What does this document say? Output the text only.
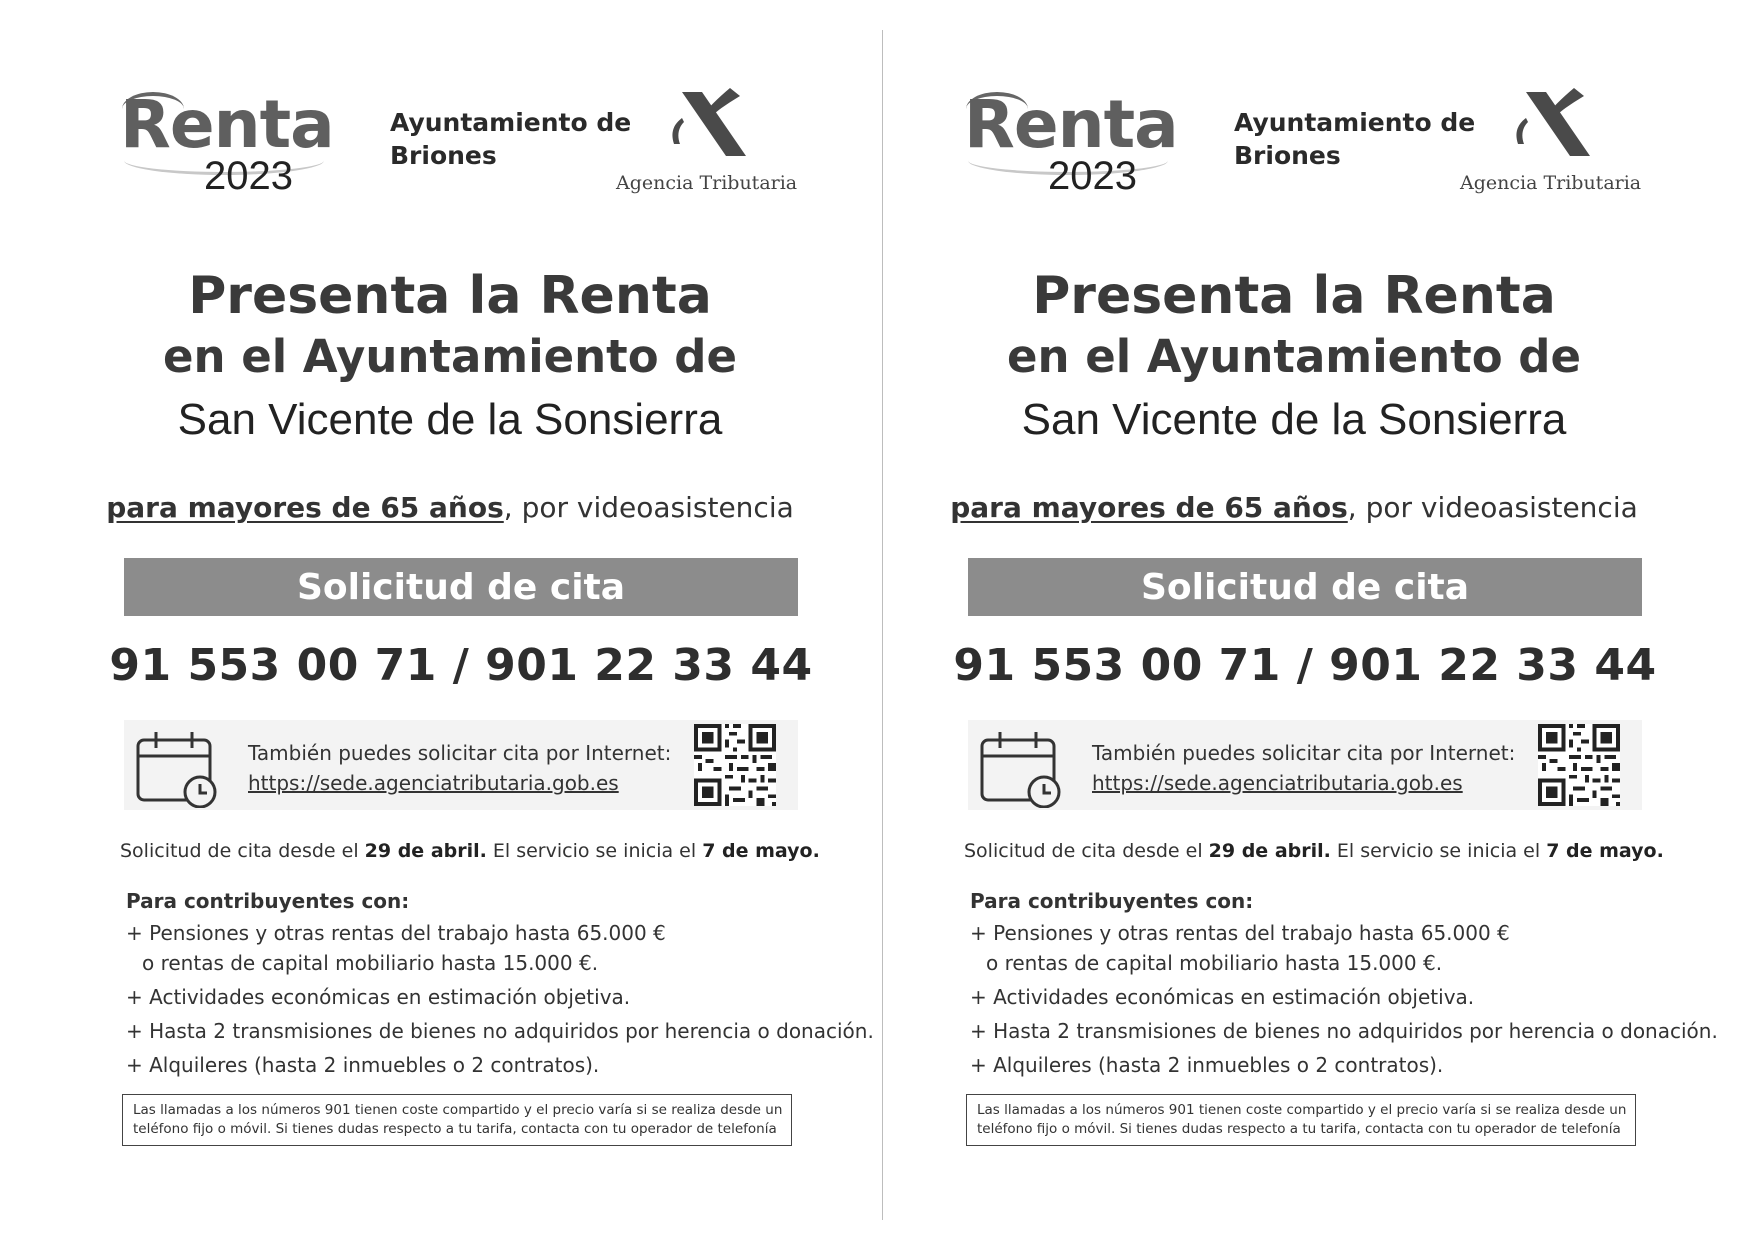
Renta
2023
Ayuntamiento de
Briones
Agencia Tributaria
Presenta la Renta
en el Ayuntamiento de
San Vicente de la Sonsierra
para mayores de 65 años, por videoasistencia
Solicitud de cita
91 553 00 71 / 901 22 33 44
También puedes solicitar cita por Internet:
https://sede.agenciatributaria.gob.es
Solicitud de cita desde el 29 de abril. El servicio se inicia el 7 de mayo.
Para contribuyentes con:
+ Pensiones y otras rentas del trabajo hasta 65.000 €
o rentas de capital mobiliario hasta 15.000 €.
+ Actividades económicas en estimación objetiva.
+ Hasta 2 transmisiones de bienes no adquiridos por herencia o donación.
+ Alquileres (hasta 2 inmuebles o 2 contratos).
Las llamadas a los números 901 tienen coste compartido y el precio varía si se realiza desde un
teléfono fijo o móvil. Si tienes dudas respecto a tu tarifa, contacta con tu operador de telefonía
Renta
2023
Ayuntamiento de
Briones
Agencia Tributaria
Presenta la Renta
en el Ayuntamiento de
San Vicente de la Sonsierra
para mayores de 65 años, por videoasistencia
Solicitud de cita
91 553 00 71 / 901 22 33 44
También puedes solicitar cita por Internet:
https://sede.agenciatributaria.gob.es
Solicitud de cita desde el 29 de abril. El servicio se inicia el 7 de mayo.
Para contribuyentes con:
+ Pensiones y otras rentas del trabajo hasta 65.000 €
o rentas de capital mobiliario hasta 15.000 €.
+ Actividades económicas en estimación objetiva.
+ Hasta 2 transmisiones de bienes no adquiridos por herencia o donación.
+ Alquileres (hasta 2 inmuebles o 2 contratos).
Las llamadas a los números 901 tienen coste compartido y el precio varía si se realiza desde un
teléfono fijo o móvil. Si tienes dudas respecto a tu tarifa, contacta con tu operador de telefonía
